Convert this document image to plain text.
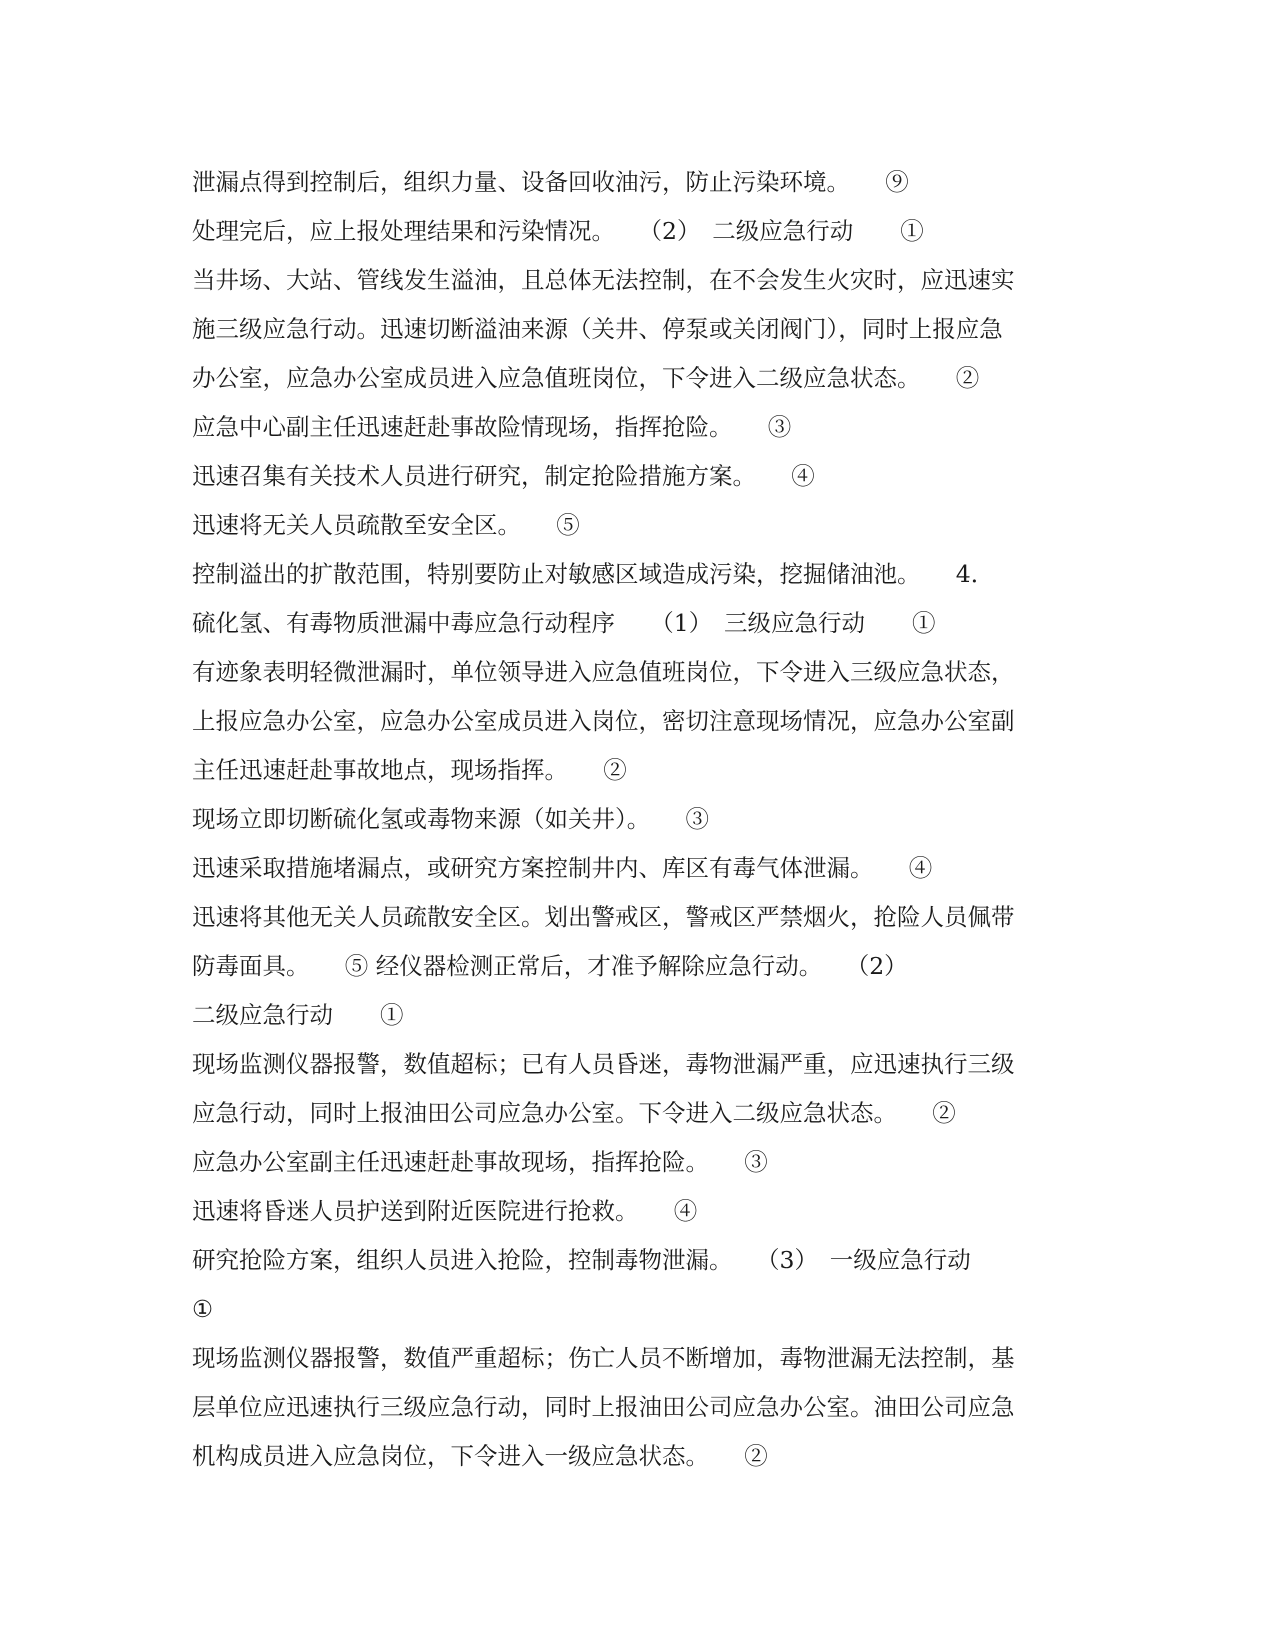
泄漏点得到控制后，组织力量、设备回收油污，防止污染环境。　　⑨
处理完后，应上报处理结果和污染情况。　　（2）　二级应急行动　　①
当井场、大站、管线发生溢油，且总体无法控制，在不会发生火灾时，应迅速实
施三级应急行动。迅速切断溢油来源（关井、停泵或关闭阀门），同时上报应急
办公室，应急办公室成员进入应急值班岗位，下令进入二级应急状态。　　②
应急中心副主任迅速赶赴事故险情现场，指挥抢险。　　③
迅速召集有关技术人员进行研究，制定抢险措施方案。　　④
迅速将无关人员疏散至安全区。　　⑤
控制溢出的扩散范围，特别要防止对敏感区域造成污染，挖掘储油池。　　4．
硫化氢、有毒物质泄漏中毒应急行动程序　　（1）　三级应急行动　　①
有迹象表明轻微泄漏时，单位领导进入应急值班岗位，下令进入三级应急状态，
上报应急办公室，应急办公室成员进入岗位，密切注意现场情况，应急办公室副
主任迅速赶赴事故地点，现场指挥。　　②
现场立即切断硫化氢或毒物来源（如关井）。　　③
迅速采取措施堵漏点，或研究方案控制井内、库区有毒气体泄漏。　　④
迅速将其他无关人员疏散安全区。划出警戒区，警戒区严禁烟火，抢险人员佩带
防毒面具。　　⑤ 经仪器检测正常后，才准予解除应急行动。　　（2）
二级应急行动　　①
现场监测仪器报警，数值超标；已有人员昏迷，毒物泄漏严重，应迅速执行三级
应急行动，同时上报油田公司应急办公室。下令进入二级应急状态。　　②
应急办公室副主任迅速赶赴事故现场，指挥抢险。　　③
迅速将昏迷人员护送到附近医院进行抢救。　　④
研究抢险方案，组织人员进入抢险，控制毒物泄漏。　　（3）　一级应急行动
①
现场监测仪器报警，数值严重超标；伤亡人员不断增加，毒物泄漏无法控制，基
层单位应迅速执行三级应急行动，同时上报油田公司应急办公室。油田公司应急
机构成员进入应急岗位，下令进入一级应急状态。　　②
